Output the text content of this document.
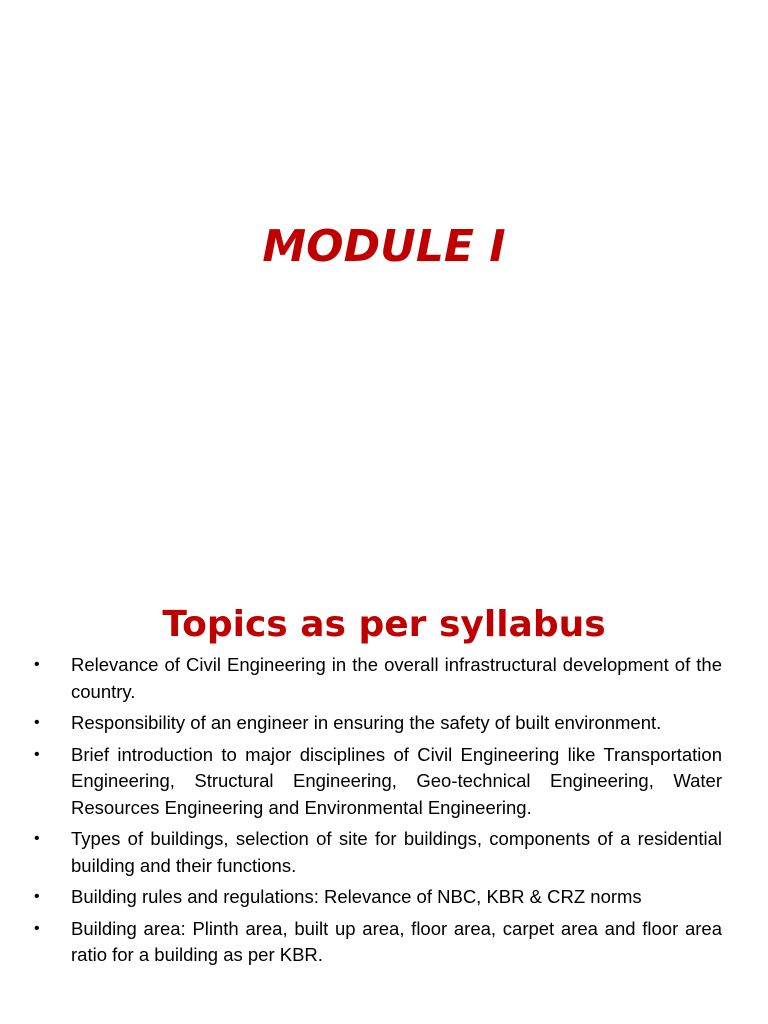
MODULE I
Topics as per syllabus
• Relevance of Civil Engineering in the overall infrastructural development of the country.
• Responsibility of an engineer in ensuring the safety of built environment.
• Brief introduction to major disciplines of Civil Engineering like Transportation Engineering, Structural Engineering, Geo-technical Engineering, Water Resources Engineering and Environmental Engineering.
• Types of buildings, selection of site for buildings, components of a residential building and their functions.
• Building rules and regulations: Relevance of NBC, KBR & CRZ norms
• Building area: Plinth area, built up area, floor area, carpet area and floor area ratio for a building as per KBR.
